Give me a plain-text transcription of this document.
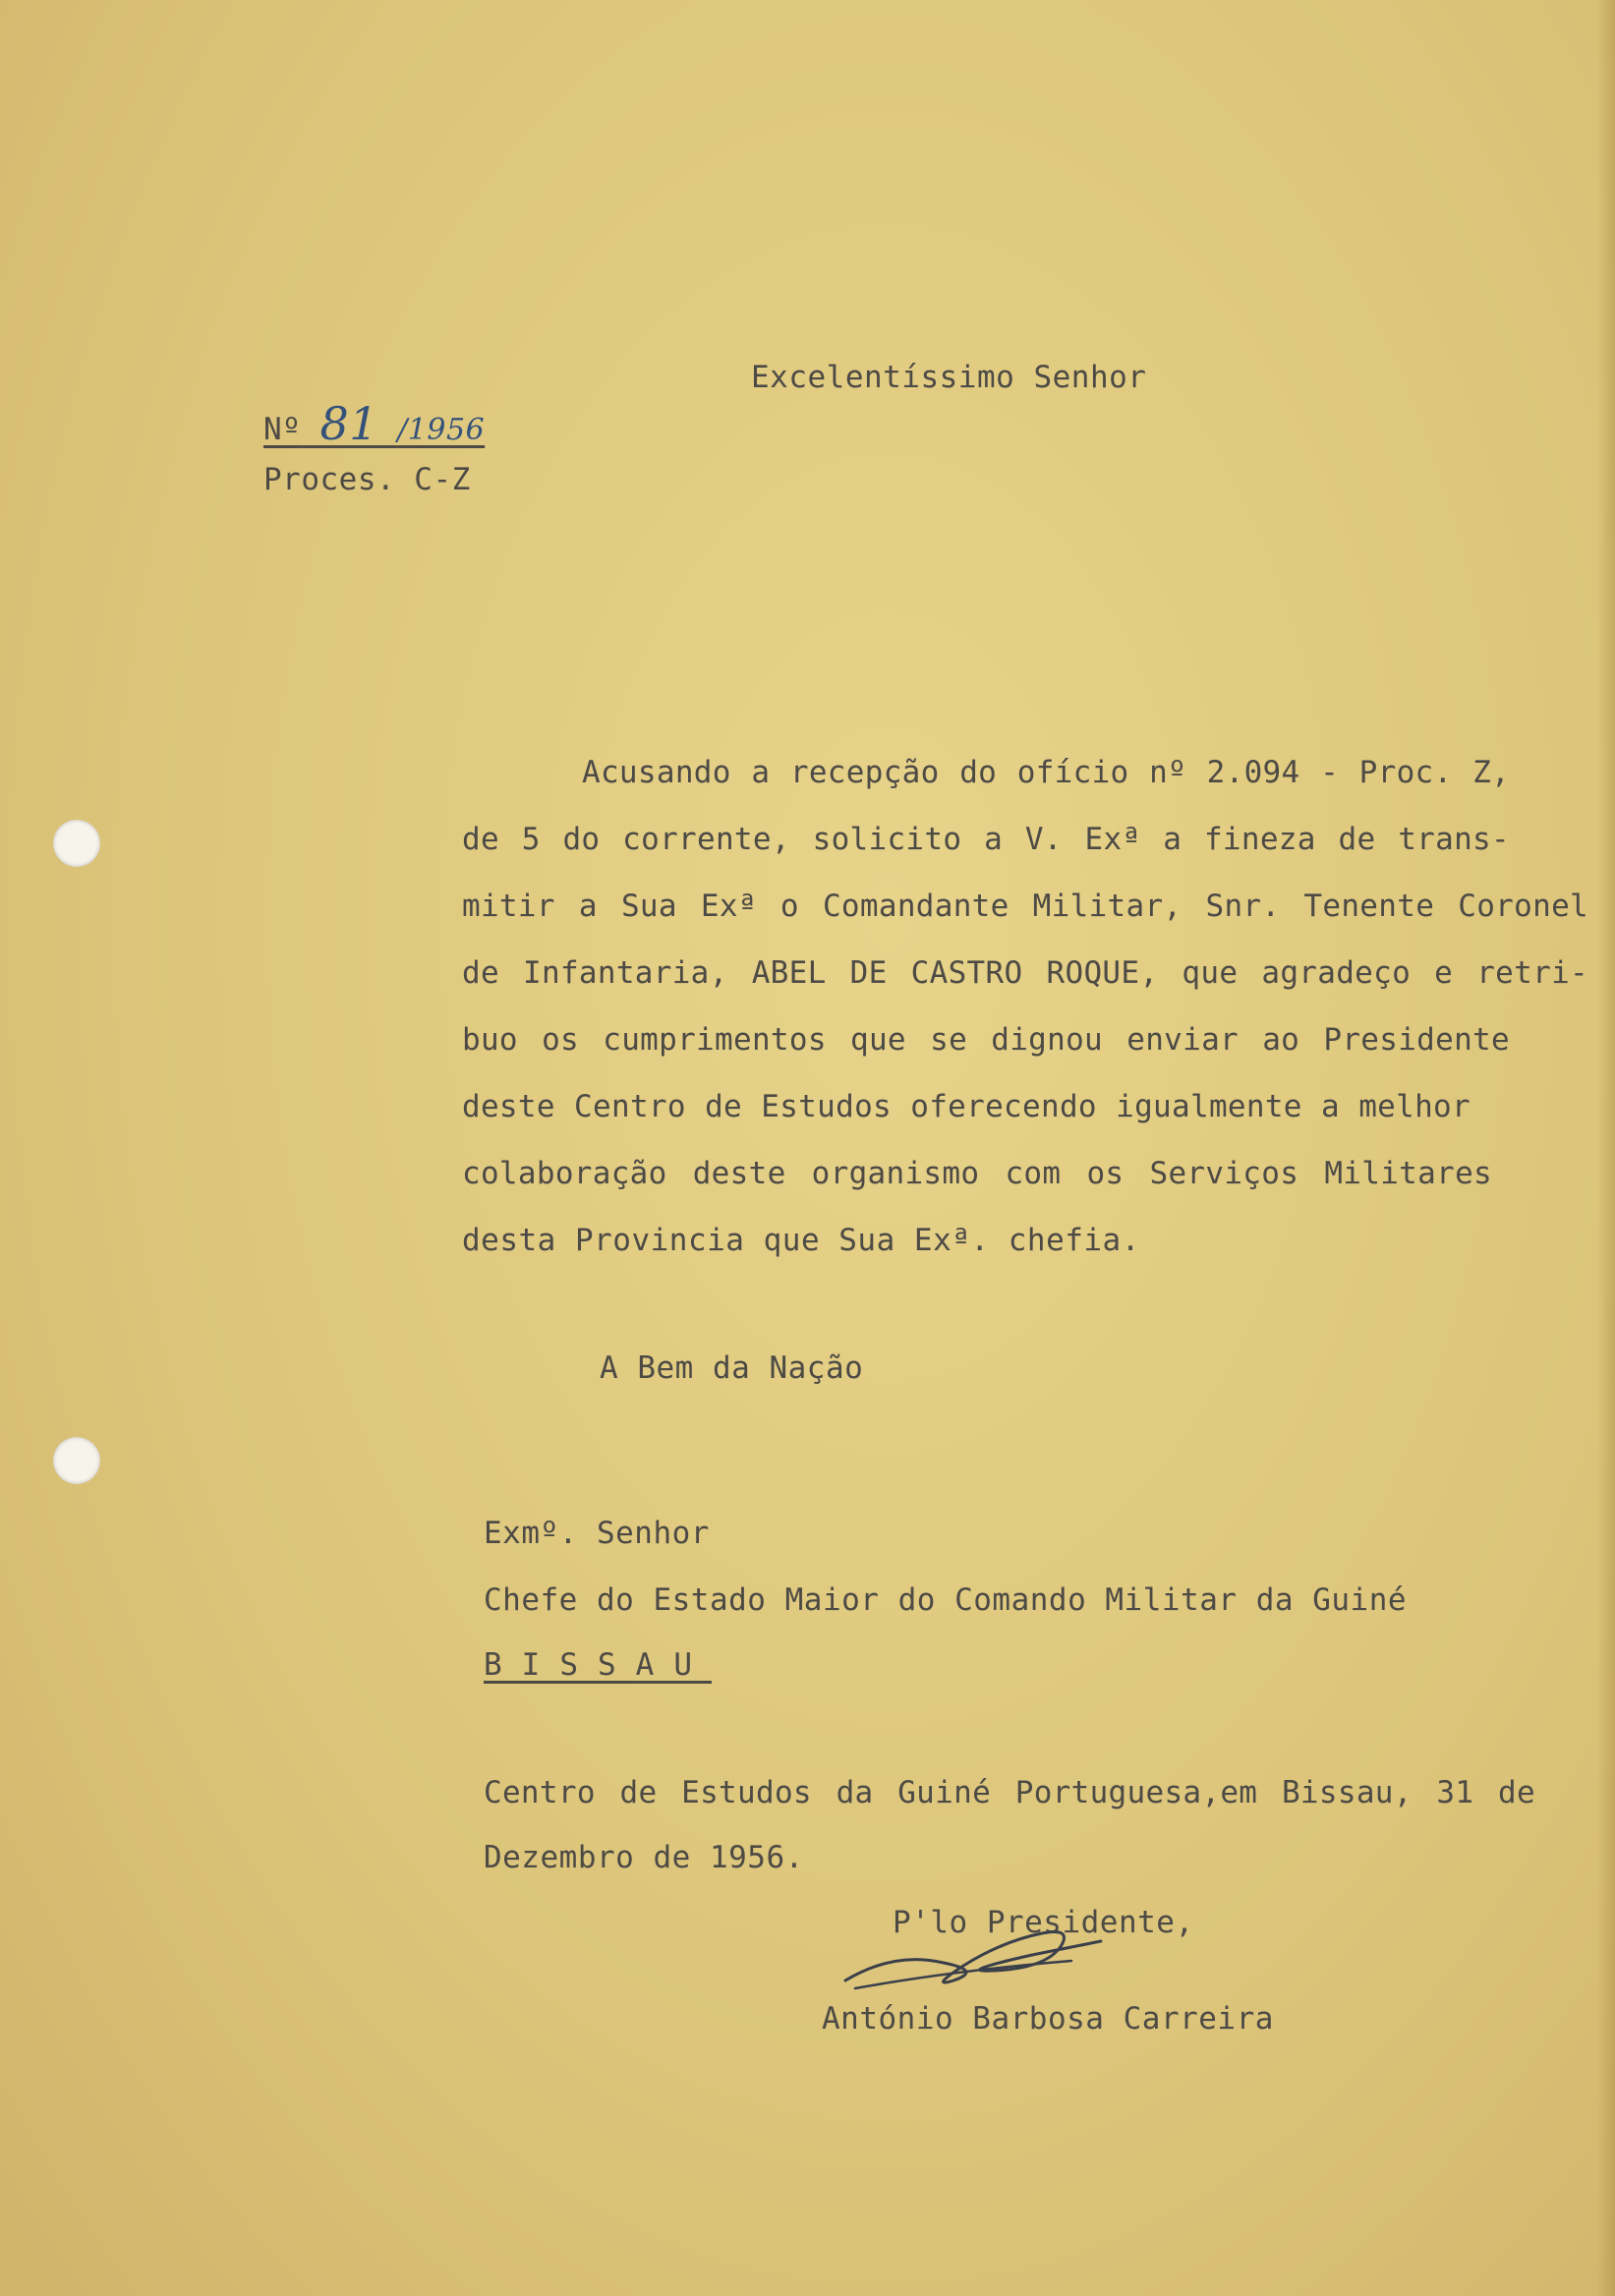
Excelentíssimo Senhor
Nº 81 /1956
Proces. C-Z
Acusando a recepção do ofício nº 2.094 - Proc. Z,
de 5 do corrente, solicito a V. Exª a fineza de trans-
mitir a Sua Exª o Comandante Militar, Snr. Tenente Coronel
de Infantaria, ABEL DE CASTRO ROQUE, que agradeço e retri-
buo os cumprimentos que se dignou enviar ao Presidente
deste Centro de Estudos oferecendo igualmente a melhor
colaboração deste organismo com os Serviços Militares
desta Provincia que Sua Exª. chefia.
A Bem da Nação
Exmº. Senhor
Chefe do Estado Maior do Comando Militar da Guiné
BISSAU
Centro de Estudos da Guiné Portuguesa,em Bissau, 31 de
Dezembro de 1956.
P'lo Presidente,
António Barbosa Carreira
